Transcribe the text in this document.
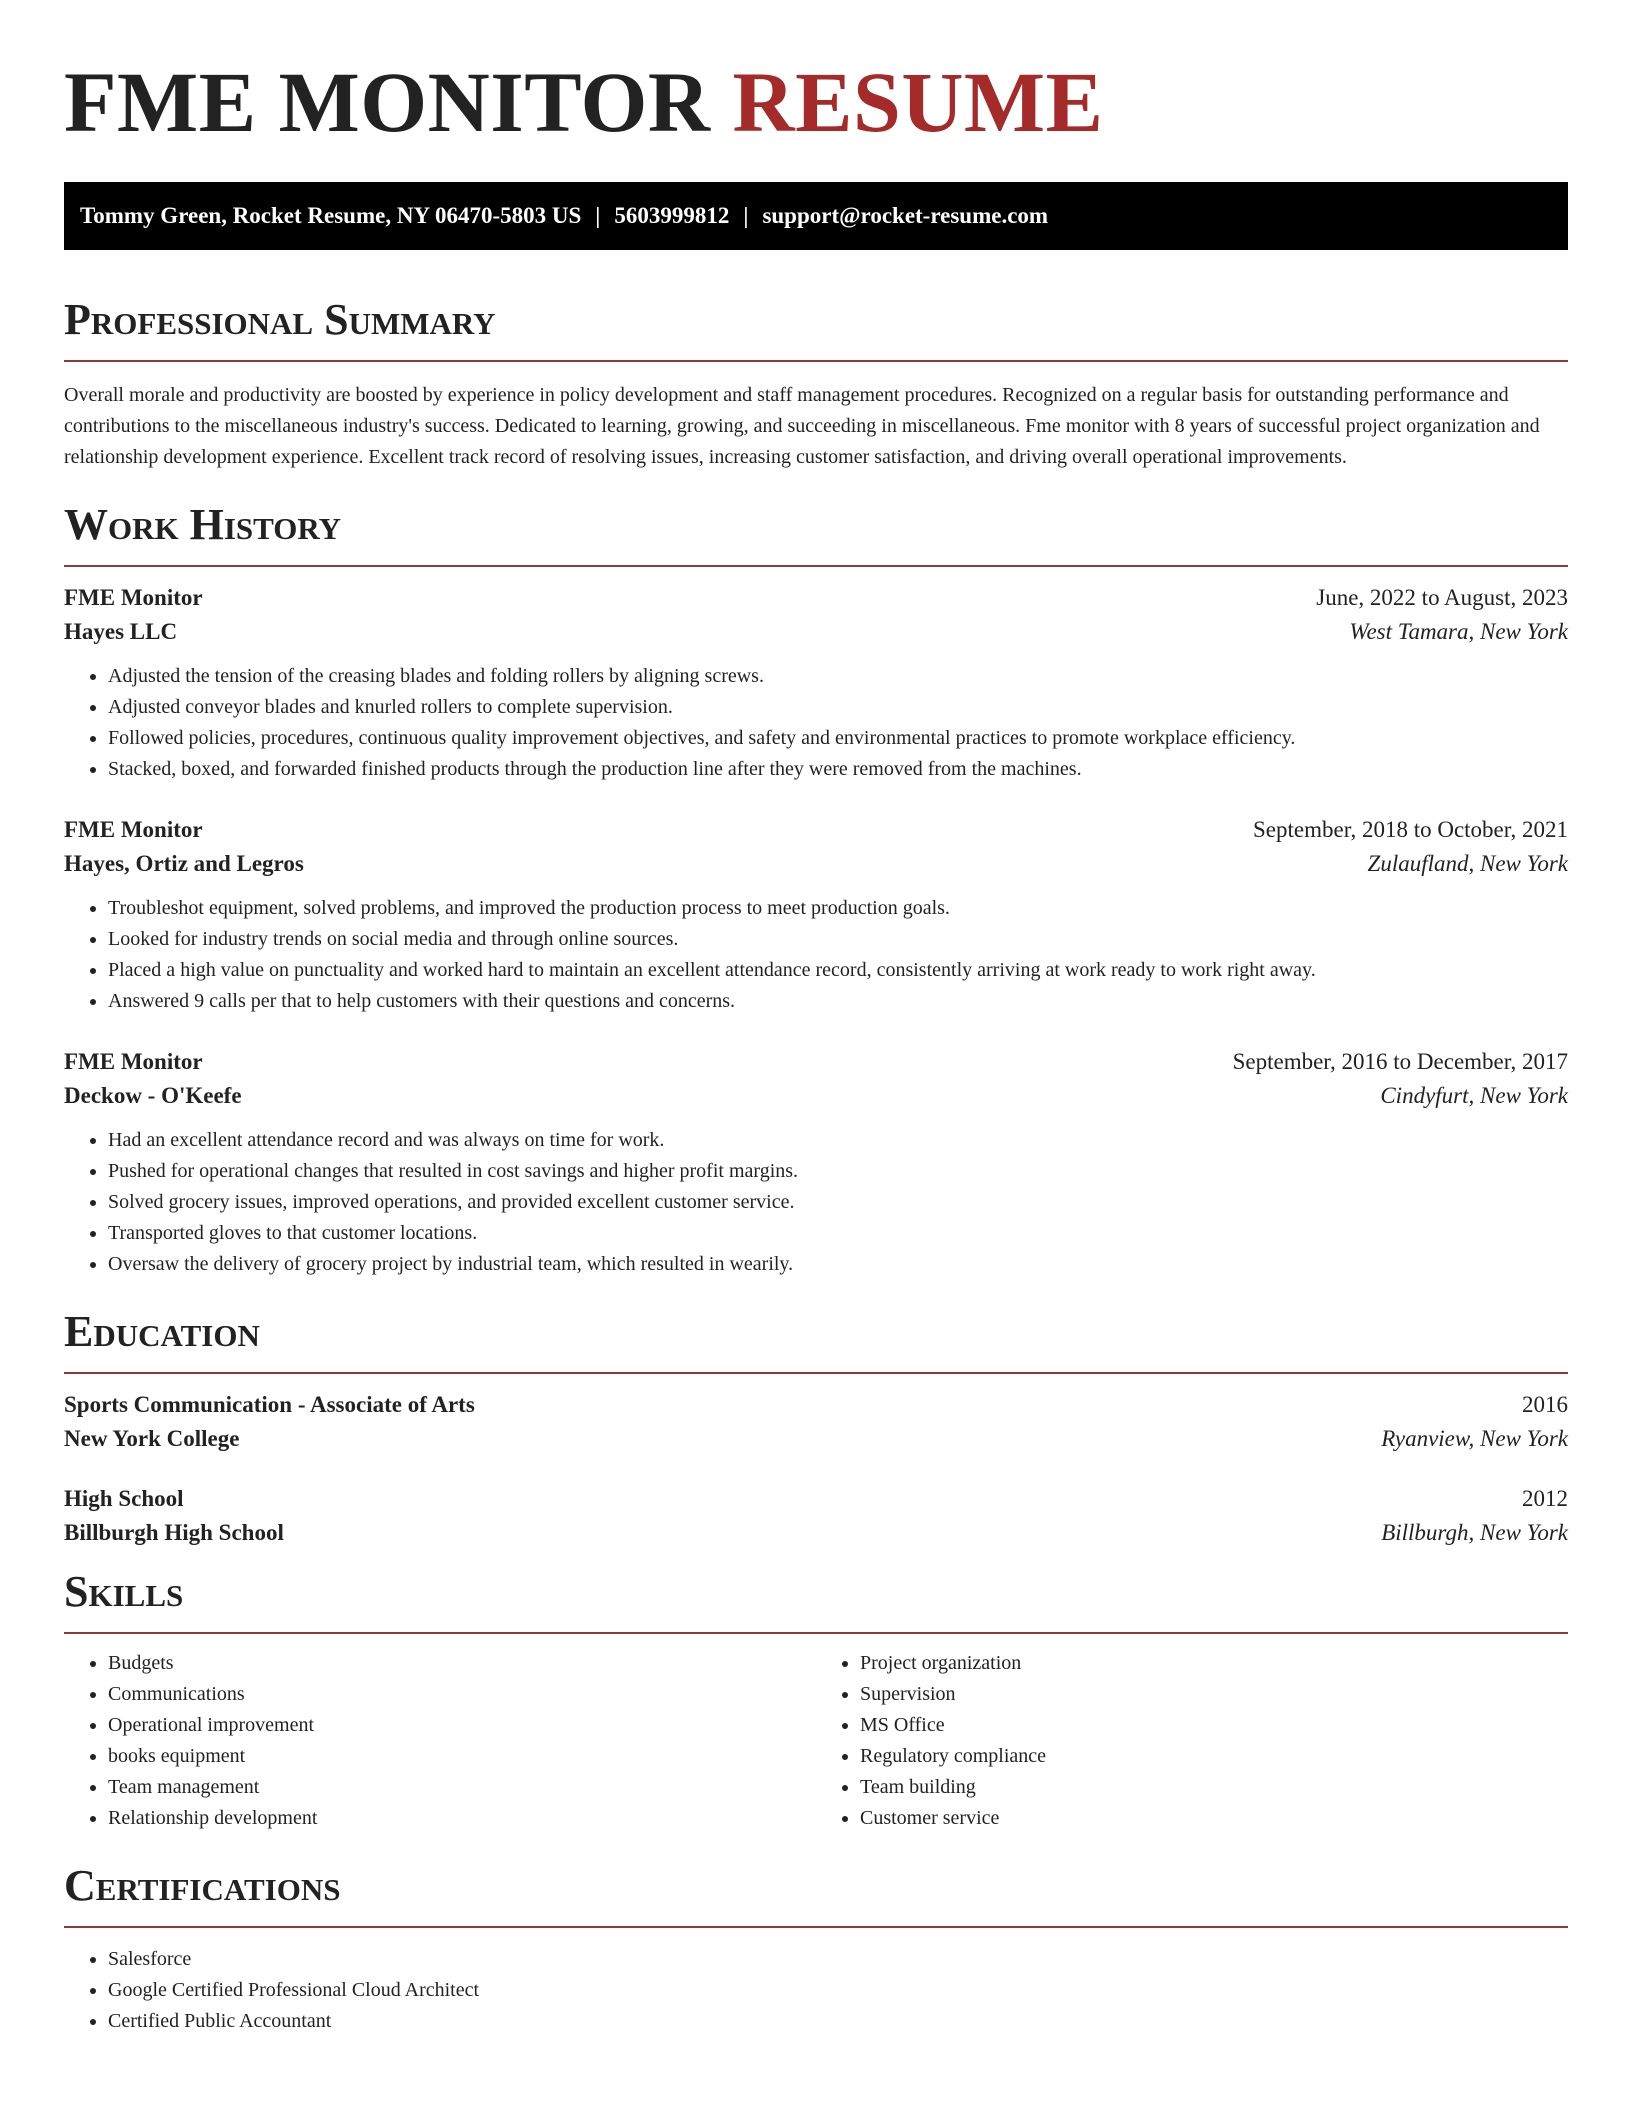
FME MONITOR RESUME
Tommy Green, Rocket Resume, NY 06470-5803 US | 5603999812 | support@rocket-resume.com
Professional Summary

Overall morale and productivity are boosted by experience in policy development and staff management procedures. Recognized on a regular basis for outstanding performance and contributions to the miscellaneous industry's success. Dedicated to learning, growing, and succeeding in miscellaneous. Fme monitor with 8 years of successful project organization and relationship development experience. Excellent track record of resolving issues, increasing customer satisfaction, and driving overall operational improvements.

Work History
FME Monitor	June, 2022 to August, 2023
Hayes LLC	West Tamara, New York
• Adjusted the tension of the creasing blades and folding rollers by aligning screws.
• Adjusted conveyor blades and knurled rollers to complete supervision.
• Followed policies, procedures, continuous quality improvement objectives, and safety and environmental practices to promote workplace efficiency.
• Stacked, boxed, and forwarded finished products through the production line after they were removed from the machines.
FME Monitor	September, 2018 to October, 2021
Hayes, Ortiz and Legros	Zulaufland, New York
• Troubleshot equipment, solved problems, and improved the production process to meet production goals.
• Looked for industry trends on social media and through online sources.
• Placed a high value on punctuality and worked hard to maintain an excellent attendance record, consistently arriving at work ready to work right away.
• Answered 9 calls per that to help customers with their questions and concerns.
FME Monitor	September, 2016 to December, 2017
Deckow - O'Keefe	Cindyfurt, New York
• Had an excellent attendance record and was always on time for work.
• Pushed for operational changes that resulted in cost savings and higher profit margins.
• Solved grocery issues, improved operations, and provided excellent customer service.
• Transported gloves to that customer locations.
• Oversaw the delivery of grocery project by industrial team, which resulted in wearily.
Education
Sports Communication - Associate of Arts	2016
New York College	Ryanview, New York
High School	2012
Billburgh High School	Billburgh, New York
Skills
• Budgets
• Communications
• Operational improvement
• books equipment
• Team management
• Relationship development
• Project organization
• Supervision
• MS Office
• Regulatory compliance
• Team building
• Customer service
Certifications
• Salesforce
• Google Certified Professional Cloud Architect
• Certified Public Accountant
